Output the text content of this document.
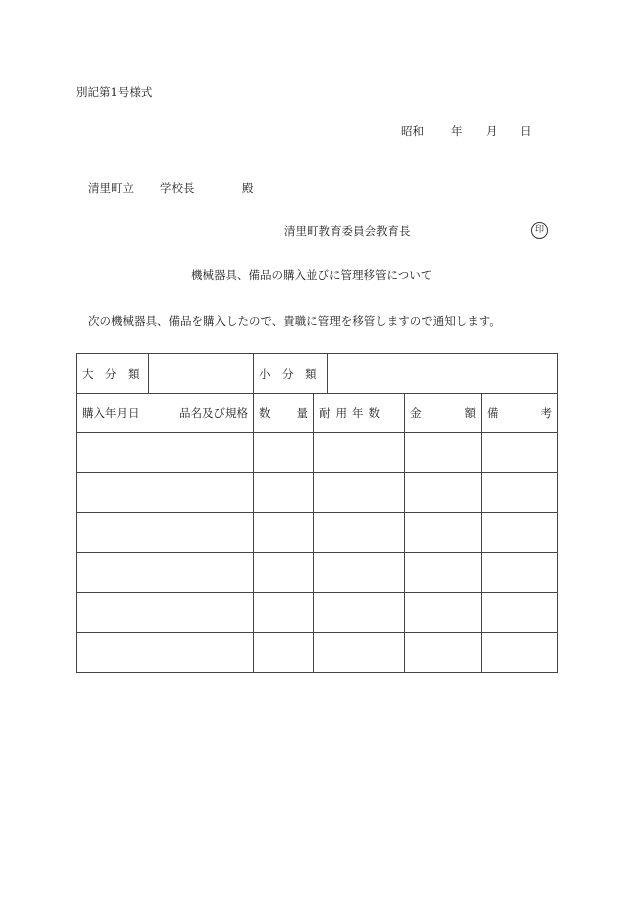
別記第1号様式
昭和 年 月 日
清里町立 学校長	殿
清里町教育委員会教育長	印
機械器具、備品の購入並びに管理移管について
次の機械器具、備品を購入したので、貴職に管理を移管しますので通知します。
大　分　類		小　分　類				

購入年月日 品名及び規格		数 量	耐用年数		金 額	備 考
